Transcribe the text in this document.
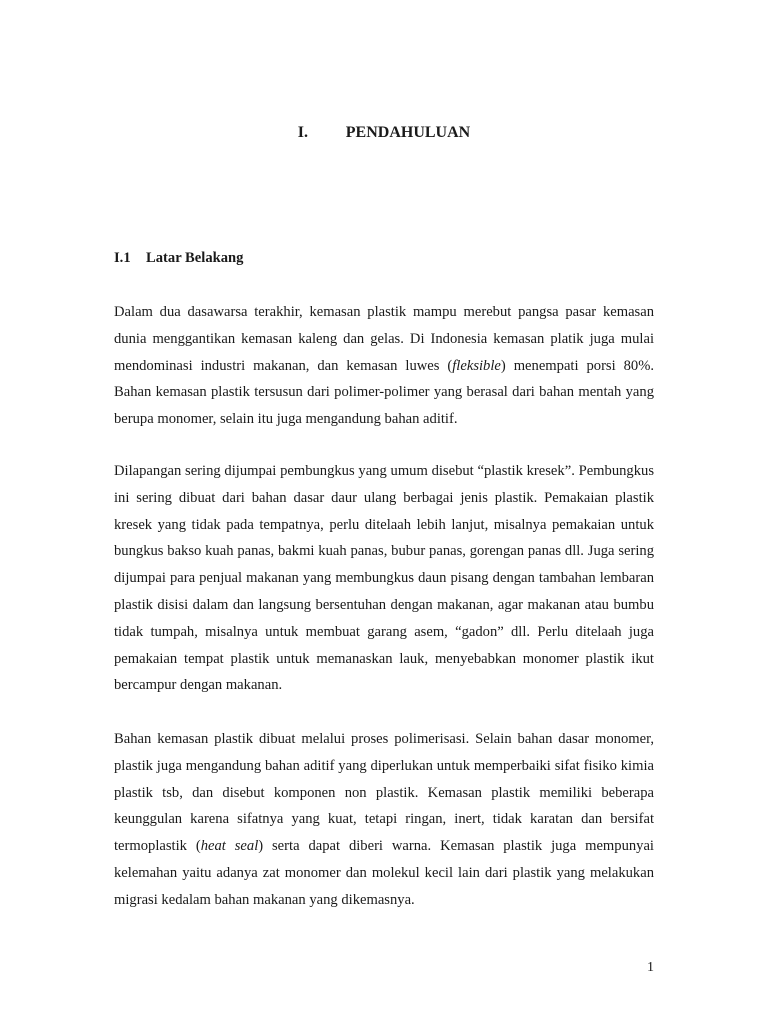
I. PENDAHULUAN
I.1 Latar Belakang

Dalam dua dasawarsa terakhir, kemasan plastik mampu merebut pangsa pasar kemasan dunia menggantikan kemasan kaleng dan gelas. Di Indonesia kemasan platik juga mulai mendominasi industri makanan, dan kemasan luwes (fleksible) menempati porsi 80%. Bahan kemasan plastik tersusun dari polimer-polimer yang berasal dari bahan mentah yang berupa monomer, selain itu juga mengandung bahan aditif.

Dilapangan sering dijumpai pembungkus yang umum disebut “plastik kresek”. Pembungkus ini sering dibuat dari bahan dasar daur ulang berbagai jenis plastik. Pemakaian plastik kresek yang tidak pada tempatnya, perlu ditelaah lebih lanjut, misalnya pemakaian untuk bungkus bakso kuah panas, bakmi kuah panas, bubur panas, gorengan panas dll. Juga sering dijumpai para penjual makanan yang membungkus daun pisang dengan tambahan lembaran plastik disisi dalam dan langsung bersentuhan dengan makanan, agar makanan atau bumbu tidak tumpah, misalnya untuk membuat garang asem, “gadon” dll. Perlu ditelaah juga pemakaian tempat plastik untuk memanaskan lauk, menyebabkan monomer plastik ikut bercampur dengan makanan.

Bahan kemasan plastik dibuat melalui proses polimerisasi. Selain bahan dasar monomer, plastik juga mengandung bahan aditif yang diperlukan untuk memperbaiki sifat fisiko kimia plastik tsb, dan disebut komponen non plastik. Kemasan plastik memiliki beberapa keunggulan karena sifatnya yang kuat, tetapi ringan, inert, tidak karatan dan bersifat termoplastik (heat seal) serta dapat diberi warna. Kemasan plastik juga mempunyai kelemahan yaitu adanya zat monomer dan molekul kecil lain dari plastik yang melakukan migrasi kedalam bahan makanan yang dikemasnya.

1
